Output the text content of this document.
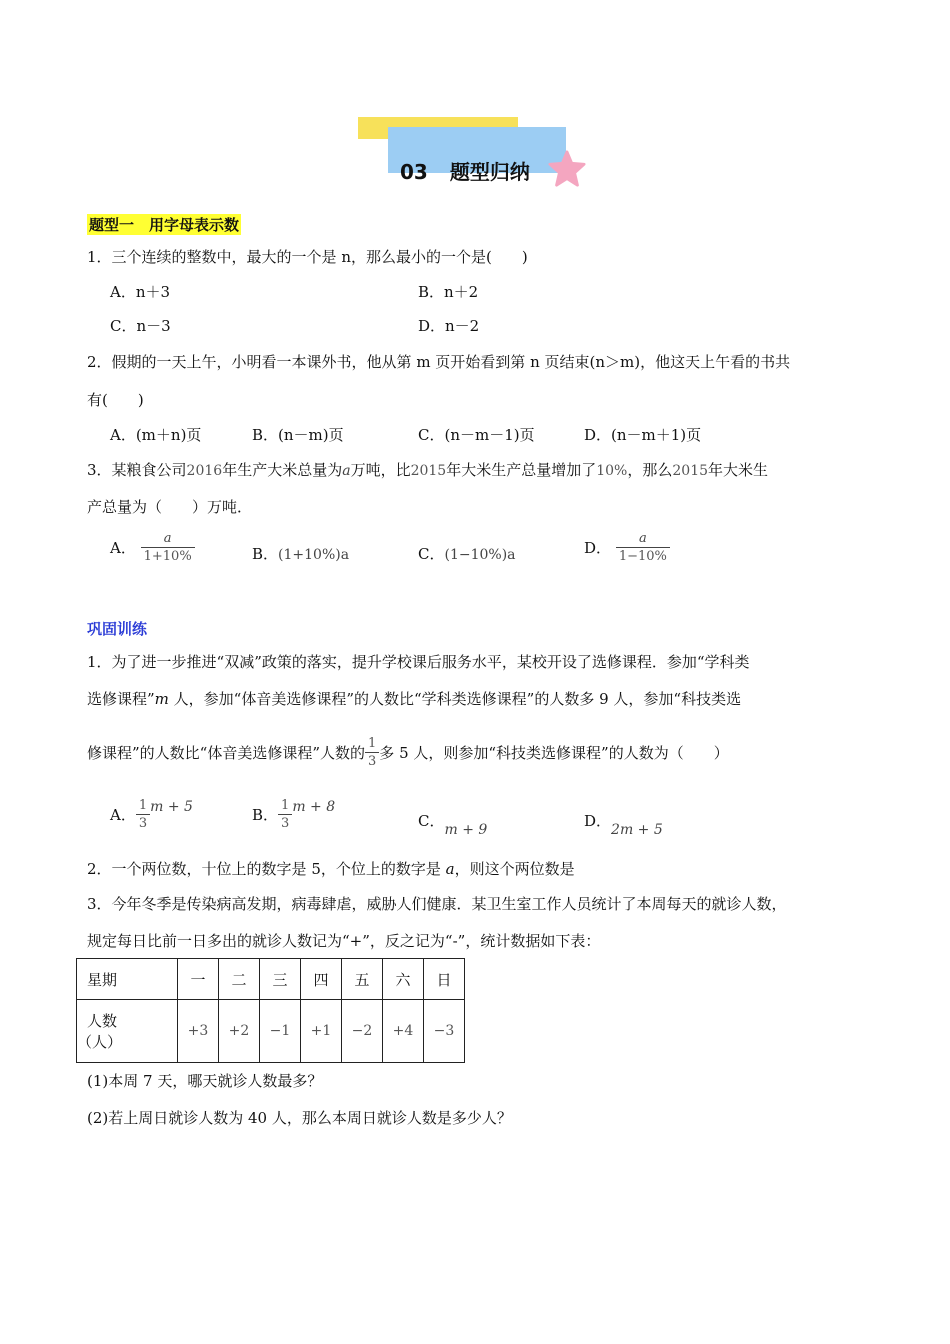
03 题型归纳
题型一　用字母表示数
1．三个连续的整数中，最大的一个是 n，那么最小的一个是(　　)
A．n＋3	B．n＋2
C．n－3	D．n－2
2．假期的一天上午，小明看一本课外书，他从第 m 页开始看到第 n 页结束(n＞m)，他这天上午看的书共
有(　　)
A．(m＋n)页	B．(n－m)页	C．(n－m－1)页	D．(n－m＋1)页
3．某粮食公司2016年生产大米总量为a万吨，比2015年大米生产总量增加了10%，那么2015年大米生
产总量为（　　）万吨．
A． $\frac{a}{1+10\%}$	B．(1+10%)a	C．(1−10%)a	D． $\frac{a}{1-10\%}$
巩固训练
1．为了进一步推进“双减”政策的落实，提升学校课后服务水平，某校开设了选修课程．参加“学科类
选修课程”m 人，参加“体音美选修课程”的人数比“学科类选修课程”的人数多 9 人，参加“科技类选
修课程”的人数比“体音美选修课程”人数的 $\frac{1}{3}$ 多 5 人，则参加“科技类选修课程”的人数为（　　）
A． $\frac{1}{3}$ m + 5	B． $\frac{1}{3}$ m + 8
C．m + 9	D．2m + 5
2．一个两位数，十位上的数字是 5，个位上的数字是 a，则这个两位数是
3．今年冬季是传染病高发期，病毒肆虐，威胁人们健康．某卫生室工作人员统计了本周每天的就诊人数，
规定每日比前一日多出的就诊人数记为“+”，反之记为“-”，统计数据如下表：
星期	一	二	三	四	五	六	日

人数
（人）	+3	+2	−1	+1	−2	+4	−3
(1)本周 7 天，哪天就诊人数最多？
(2)若上周日就诊人数为 40 人，那么本周日就诊人数是多少人？
